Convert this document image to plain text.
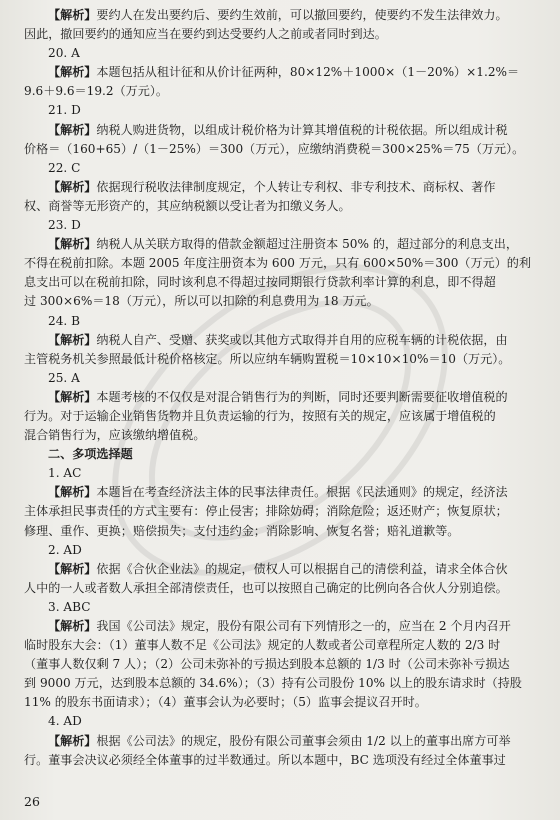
【解析】要约人在发出要约后、要约生效前，可以撤回要约，使要约不发生法律效力。
因此，撤回要约的通知应当在要约到达受要约人之前或者同时到达。
20. A
【解析】本题包括从租计征和从价计征两种，80×12%＋1000×（1－20%）×1.2%＝
9.6＋9.6＝19.2（万元）。
21. D
【解析】纳税人购进货物，以组成计税价格为计算其增值税的计税依据。所以组成计税
价格＝（160+65）/（1－25%）＝300（万元），应缴纳消费税＝300×25%＝75（万元）。
22. C
【解析】依据现行税收法律制度规定，个人转让专利权、非专利技术、商标权、著作
权、商誉等无形资产的，其应纳税额以受让者为扣缴义务人。
23. D
【解析】纳税人从关联方取得的借款金额超过注册资本 50% 的，超过部分的利息支出，
不得在税前扣除。本题 2005 年度注册资本为 600 万元，只有 600×50%＝300（万元）的利
息支出可以在税前扣除，同时该利息不得超过按同期银行贷款利率计算的利息，即不得超
过 300×6%＝18（万元），所以可以扣除的利息费用为 18 万元。
24. B
【解析】纳税人自产、受赠、获奖或以其他方式取得并自用的应税车辆的计税依据，由
主管税务机关参照最低计税价格核定。所以应纳车辆购置税＝10×10×10%＝10（万元）。
25. A
【解析】本题考核的不仅仅是对混合销售行为的判断，同时还要判断需要征收增值税的
行为。对于运输企业销售货物并且负责运输的行为，按照有关的规定，应该属于增值税的
混合销售行为，应该缴纳增值税。
二、多项选择题
1. AC
【解析】本题旨在考查经济法主体的民事法律责任。根据《民法通则》的规定，经济法
主体承担民事责任的方式主要有：停止侵害；排除妨碍；消除危险；返还财产；恢复原状；
修理、重作、更换；赔偿损失；支付违约金；消除影响、恢复名誉；赔礼道歉等。
2. AD
【解析】依据《合伙企业法》的规定，债权人可以根据自己的清偿利益，请求全体合伙
人中的一人或者数人承担全部清偿责任，也可以按照自己确定的比例向各合伙人分别追偿。
3. ABC
【解析】我国《公司法》规定，股份有限公司有下列情形之一的，应当在 2 个月内召开
临时股东大会：（1）董事人数不足《公司法》规定的人数或者公司章程所定人数的 2/3 时
（董事人数仅剩 7 人）；（2）公司未弥补的亏损达到股本总额的 1/3 时（公司未弥补亏损达
到 9000 万元，达到股本总额的 34.6%）；（3）持有公司股份 10% 以上的股东请求时（持股
11% 的股东书面请求）；（4）董事会认为必要时；（5）监事会提议召开时。
4. AD
【解析】根据《公司法》的规定，股份有限公司董事会须由 1/2 以上的董事出席方可举
行。董事会决议必须经全体董事的过半数通过。所以本题中，BC 选项没有经过全体董事过
26
